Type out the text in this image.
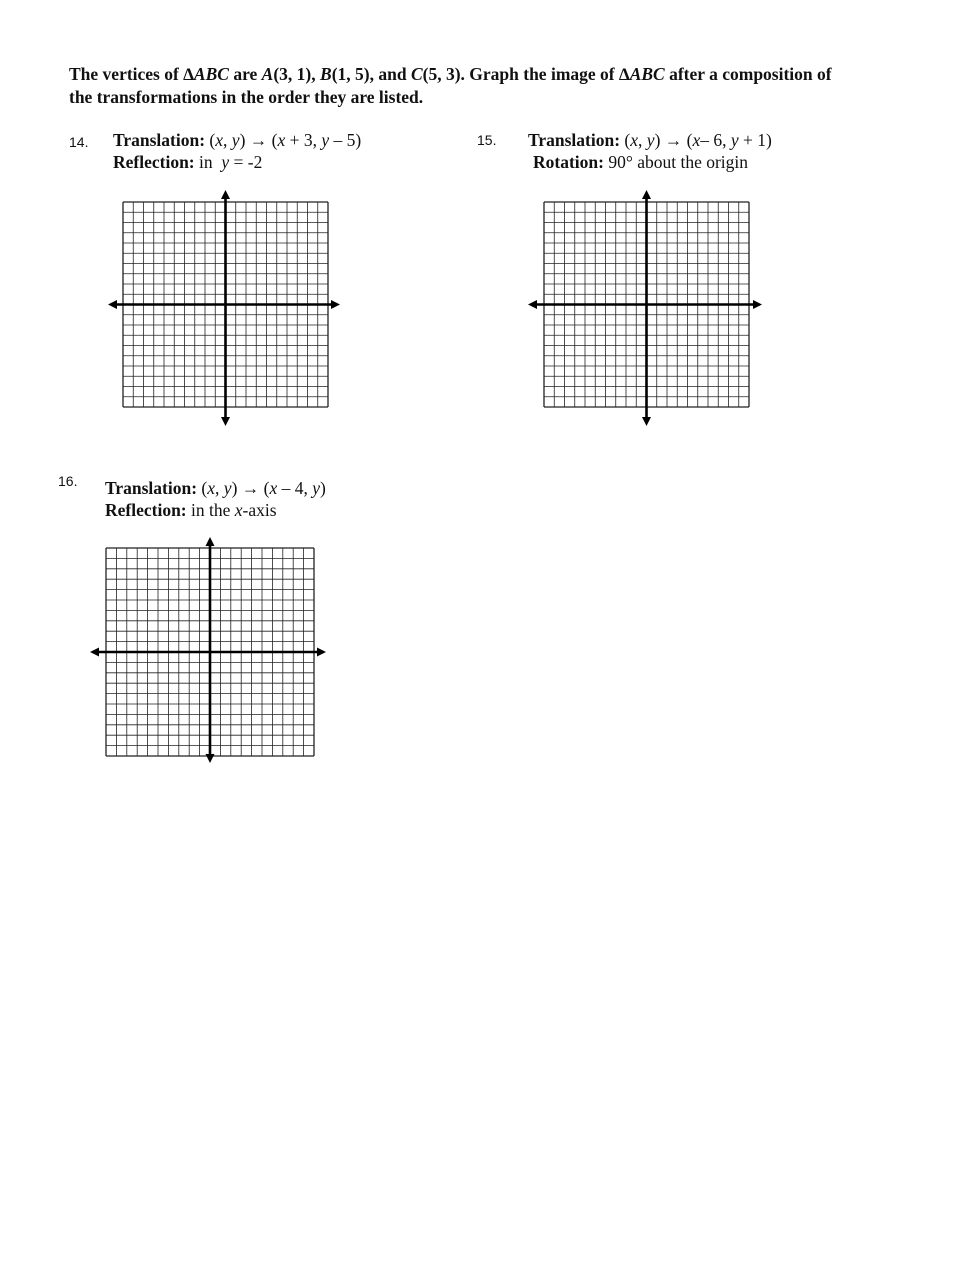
The vertices of ∆ABC are A(3, 1), B(1, 5), and C(5, 3). Graph the image of ∆ABC after a composition of
the transformations in the order they are listed.
14. Translation: (x, y) → (x + 3, y – 5)
Reflection: in  y = -2
15. Translation: (x, y) → (x– 6, y + 1)
Rotation: 90° about the origin
16. Translation: (x, y) → (x – 4, y)
Reflection: in the x-axis
